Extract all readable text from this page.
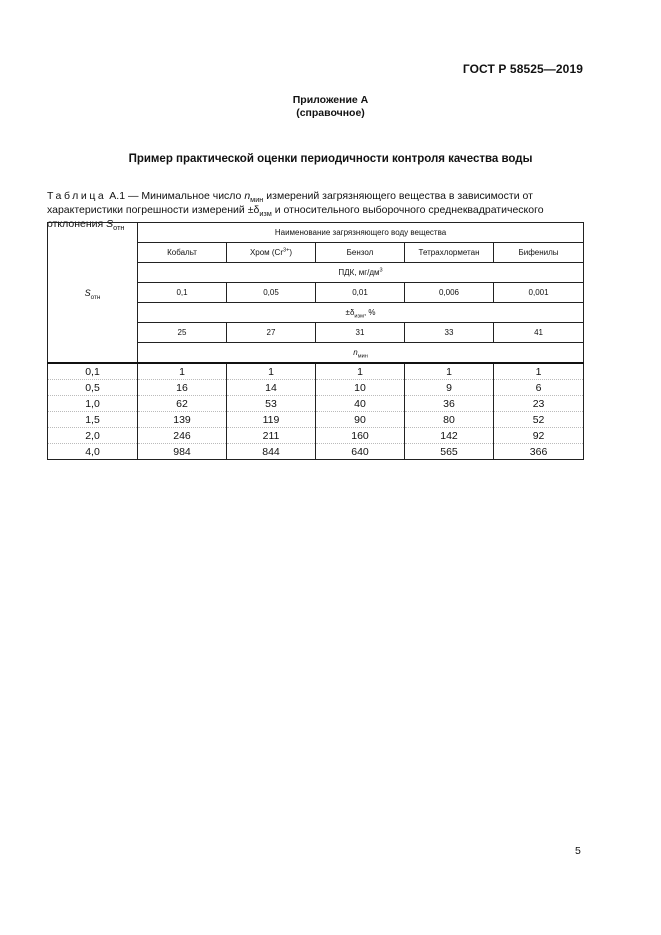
ГОСТ Р 58525—2019
Приложение А
(справочное)
Пример практической оценки периодичности контроля качества воды
Таблица А.1 — Минимальное число $n_{мин}$ измерений загрязняющего вещества в зависимости от характеристики погрешности измерений $\pm\delta_{изм}$ и относительного выборочного среднеквадратического отклонения $S_{отн}$
$S_{отн}$	Наименование загрязняющего воду вещества				
	Кобальт	Хром $(Cr^{3+})$	Бензол	Тетрахлорметан	Бифенилы
	ПДК, $мг/дм^3$
	0,1	0,05	0,01	0,006	0,001
	$\pm\delta_{изм}$, %				
	25	27	31	33	41
	$n_{мин}$
0,1	1	1	1	1	1
0,5	16	14	10	9	6
1,0	62	53	40	36	23
1,5	139	119	90	80	52
2,0	246	211	160	142	92
4,0	984	844	640	565	366
5
